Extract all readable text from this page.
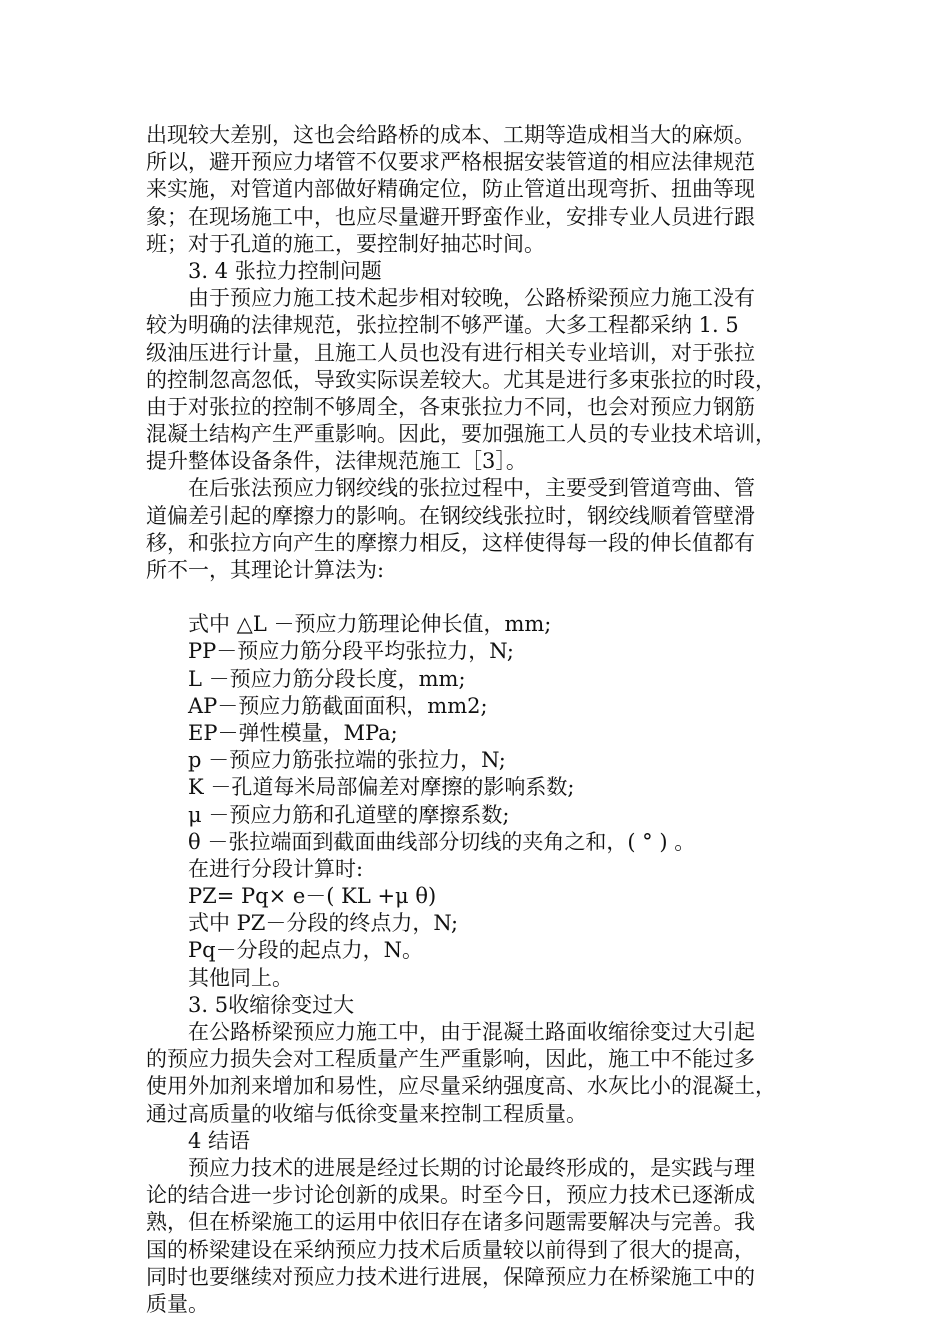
出现较大差别，这也会给路桥的成本、工期等造成相当大的麻烦。
所以，避开预应力堵管不仅要求严格根据安装管道的相应法律规范
来实施，对管道内部做好精确定位，防止管道出现弯折、扭曲等现
象；在现场施工中，也应尽量避开野蛮作业，安排专业人员进行跟
班；对于孔道的施工，要控制好抽芯时间。
3. 4 张拉力控制问题
由于预应力施工技术起步相对较晚，公路桥梁预应力施工没有
较为明确的法律规范，张拉控制不够严谨。大多工程都采纳 1. 5
级油压进行计量，且施工人员也没有进行相关专业培训，对于张拉
的控制忽高忽低，导致实际误差较大。尤其是进行多束张拉的时段，
由于对张拉的控制不够周全，各束张拉力不同，也会对预应力钢筋
混凝土结构产生严重影响。因此，要加强施工人员的专业技术培训，
提升整体设备条件，法律规范施工［3］。
在后张法预应力钢绞线的张拉过程中，主要受到管道弯曲、管
道偏差引起的摩擦力的影响。在钢绞线张拉时，钢绞线顺着管壁滑
移，和张拉方向产生的摩擦力相反，这样使得每一段的伸长值都有
所不一，其理论计算法为:
式中 △L －预应力筋理论伸长值，mm;
PP－预应力筋分段平均张拉力，N;
L －预应力筋分段长度，mm;
AP－预应力筋截面面积，mm2;
EP－弹性模量，MPa;
p －预应力筋张拉端的张拉力，N;
K －孔道每米局部偏差对摩擦的影响系数;
μ －预应力筋和孔道壁的摩擦系数;
θ －张拉端面到截面曲线部分切线的夹角之和，( ° ) 。
在进行分段计算时:
PZ= Pq× e－( KL +μ θ)
式中 PZ－分段的终点力，N;
Pq－分段的起点力，N。
其他同上。
3. 5收缩徐变过大
在公路桥梁预应力施工中，由于混凝土路面收缩徐变过大引起
的预应力损失会对工程质量产生严重影响，因此，施工中不能过多
使用外加剂来增加和易性，应尽量采纳强度高、水灰比小的混凝土，
通过高质量的收缩与低徐变量来控制工程质量。
4 结语
预应力技术的进展是经过长期的讨论最终形成的，是实践与理
论的结合进一步讨论创新的成果。时至今日，预应力技术已逐渐成
熟，但在桥梁施工的运用中依旧存在诸多问题需要解决与完善。我
国的桥梁建设在采纳预应力技术后质量较以前得到了很大的提高，
同时也要继续对预应力技术进行进展，保障预应力在桥梁施工中的
质量。
